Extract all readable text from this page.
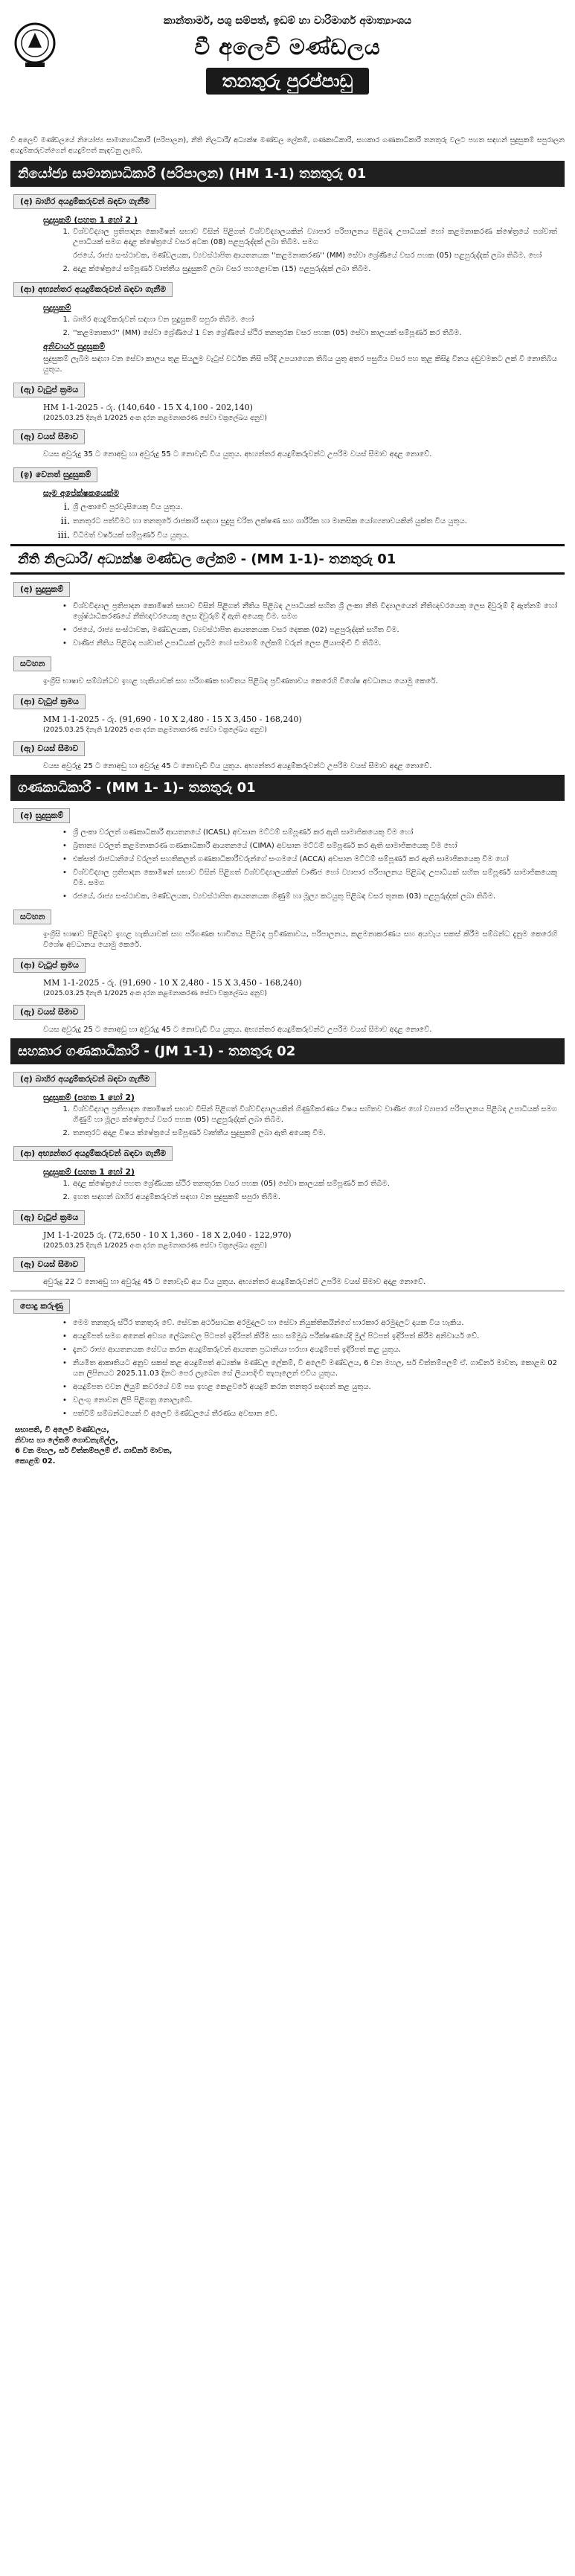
කාන්තාර්ම, පශු සම්පත්, ඉඩම් හා වාරිමාර්ග අමාත්‍යාංශය
වී අලෙවි මණ්ඩලය
තනතුරු පුරප්පාඩු
වී අලෙවි මණ්ඩලයේ නියෝජ්‍ය සාමාන්‍යාධිකාරී (පරිපාලන), නීති නිලධාරී/ අධ්‍යක්ෂ මණ්ඩල ලේකම්, ගණකාධිකාරී, සහකාර ගණකාධිකාරී තනතුරු වලට පහත සඳහන් සුදුසුකම් සපුරාලන අයදුම්කරුවන්ගෙන් අයදුම්පත් කැඳවනු ලැබේ.
නියෝජ්‍ය සාමාන්‍යාධිකාරී (පරිපාලන) (HM 1-1) තනතුරු 01
(අ) බාහිර අයදුම්කරුවන් බඳවා ගැනීම
සුදුසුකම් (පහත 1 හෝ 2 )
1. විශ්වවිද්‍යාල ප්‍රතිපාදන කොමිෂන් සභාව විසින් පිළිගත් විශ්වවිද්‍යාලයකින් ව්‍යාපාර පරිපාලනය පිළිබඳ උපාධියක් හෝ කළමනාකරණ ක්ෂේත්‍රයේ පශ්චාත් උපාධියක් සමග අදාළ ක්ෂේත්‍රයේ වසර අටක (08) පළපුරුද්දක් ලබා තිබීම. සමග
රජයේ, රාජ්‍ය සංස්ථාවක, මණ්ඩලයක, ව්‍යවස්ථාපිත ආයතනයක ''කළමනාකරණ'' (MM) සේවා ශ්‍රේණියේ වසර පහක (05) පළපුරුද්දක් ලබා තිබීම. හෝ
2. අදාළ ක්ෂේත්‍රයේ සම්පූර්ණ වෘත්තීය සුදුසුකම් ලබා වසර පහළොවක (15) පළපුරුද්දක් ලබා තිබීම.
(ආ) අභ්‍යන්තර අයදුම්කරුවන් බඳවා ගැනීම
සුදුසුකම්
1. බාහිර අයදුම්කරුවන් සඳහා වන සුදුසුකම් සපුරා තිබීම. හෝ
2. ''කළමනාකාර'' (MM) සේවා ශ්‍රේණියේ 1 වන ශ්‍රේණියේ ස්ථිර තනතුරක වසර පහක (05) සේවා කාලයක් සම්පූර්ණ කර තිබීම.
අනිවාර්ය සුදුසුකම්
සුදුසුකම් ලැබීම සඳහා වන සේවා කාලය තුළ සියලුම වැටුප් වර්ධක නිසි පරිදි උපයාගෙන තිබිය යුතු අතර පසුගිය වසර පහ තුළ කිසිදු විනය දඬුවමකට ලක් වී නොතිබිය යුතුය.
(ඇ) වැටුප් ක්‍රමය
HM 1-1-2025 - රු. (140,640 - 15 X 4,100 - 202,140)
(2025.03.25 දිනැති 1/2025 අංක දරන කළමනාකරණ සේවා චක්‍රලේඛය අනුව)
(ඈ) වයස් සීමාව
වයස අවුරුදු 35 ට නොඅඩු හා අවුරුදු 55 ට නොවැඩි විය යුතුය. අභ්‍යන්තර අයදුම්කරුවන්ට උපරිම වයස් සීමාව අදාළ නොවේ.
(ඉ) වෙනත් සුදුසුකම්
සෑම අපේක්ෂකයෙක්ම
i. ශ්‍රී ලංකාවේ පුරවැසියෙකු විය යුතුය.
ii. තනතුරට පත්වීමට හා තනතුරේ රාජකාරි සඳහා සුදුසු චරිත ලක්ෂණ සහ ශාරීරික හා මානසික යෝග්‍යතාවයකින් යුක්ත විය යුතුය.
iii. විධිමත් වර්ෂයක් සම්පූර්ණ විය යුතුය.
නීති නිලධාරී/ අධ්‍යක්ෂ මණ්ඩල ලේකම් - (MM 1-1)- තනතුරු 01
(අ) සුදුසුකම්
• විශ්වවිද්‍යාල ප්‍රතිපාදන කොමිෂන් සභාව විසින් පිළිගත් නීතිය පිළිබඳ උපාධියක් සහිත ශ්‍රී ලංකා නීති විද්‍යාලයෙන් නීතිඥවරයෙකු ලෙස දිවුරුම් දී ඇත්නම් හෝ ශ්‍රේෂ්ඨාධිකරණයේ නීතිඥවරයෙකු ලෙස දිවුරුම් දී ඇති අයෙකු වීම. සමග
• රජයේ, රාජ්‍ය සංස්ථාවක, මණ්ඩලයක, ව්‍යවස්ථාපිත ආයතනයක වසර දෙකක (02) පළපුරුද්දක් සහිත වීම.
• වාණිජ නීතිය පිළිබඳ පශ්චාත් උපාධියක් ලැබීම හෝ සමාගම් ලේකම් වරුන් ලෙස ලියාපදිංචි වී තිබීම.
සටහන
ඉංග්‍රීසි භාෂාව සම්බන්ධව ඉහළ හැකියාවක් සහ පරිගණක භාවිතය පිළිබඳ ප්‍රවීණතාවය කෙරෙහි විශේෂ අවධානය යොමු කෙරේ.
(ආ) වැටුප් ක්‍රමය
MM 1-1-2025 - රු. (91,690 - 10 X 2,480 - 15 X 3,450 - 168,240)
(2025.03.25 දිනැති 1/2025 අංක දරන කළමනාකරණ සේවා චක්‍රලේඛය අනුව)
(ඇ) වයස් සීමාව
වයස අවුරුදු 25 ට නොඅඩු හා අවුරුදු 45 ට නොවැඩි විය යුතුය. අභ්‍යන්තර අයදුම්කරුවන්ට උපරිම වයස් සීමාව අදාළ නොවේ.
ගණකාධිකාරී - (MM 1- 1)- තනතුරු 01
(අ) සුදුසුකම්
• ශ්‍රී ලංකා වරලත් ගණකාධිකාරී ආයතනයේ (ICASL) අවසාන මට්ටම් සම්පූර්ණ කර ඇති සාමාජිකයෙකු වීම හෝ
• බ්‍රිතාන්‍ය වරලත් කළමනාකරණ ගණකාධිකාරී ආයතනයේ (CIMA) අවසාන මට්ටම් සම්පූර්ණ කර ඇති සාමාජිකයෙකු වීම හෝ
• එක්සත් රාජධානියේ වරලත් සහතිකලත් ගණකාධිකාරීවරුන්ගේ සංගමයේ (ACCA) අවසාන මට්ටම් සම්පූර්ණ කර ඇති සාමාජිකයෙකු වීම හෝ
• විශ්වවිද්‍යාල ප්‍රතිපාදන කොමිෂන් සභාව විසින් පිළිගත් විශ්වවිද්‍යාලයකින් වාණිජ හෝ ව්‍යාපාර පරිපාලනය පිළිබඳ උපාධියක් සහිත සම්පූර්ණ සාමාජිකයෙකු වීම. සමග
• රජයේ, රාජ්‍ය සංස්ථාවක, මණ්ඩලයක, ව්‍යවස්ථාපිත ආයතනයක ගිණුම් හා මූල්‍ය කටයුතු පිළිබඳ වසර තුනක (03) පළපුරුද්දක් ලබා තිබීම.
සටහන
ඉංග්‍රීසි භාෂාව පිළිබඳව ඉහළ හැකියාවක් සහ පරිගණක භාවිතය පිළිබඳ ප්‍රවීණතාවය, පරිපාලනය, කළමනාකරණය සහ අයවැය සකස් කිරීම සම්බන්ධ දැනුම කෙරෙහි විශේෂ අවධානය යොමු කෙරේ.
(ආ) වැටුප් ක්‍රමය
MM 1-1-2025 - රු. (91,690 - 10 X 2,480 - 15 X 3,450 - 168,240)
(2025.03.25 දිනැති 1/2025 අංක දරන කළමනාකරණ සේවා චක්‍රලේඛය අනුව)
(ඇ) වයස් සීමාව
වයස අවුරුදු 25 ට නොඅඩු හා අවුරුදු 45 ට නොවැඩි විය යුතුය. අභ්‍යන්තර අයදුම්කරුවන්ට උපරිම වයස් සීමාව අදාළ නොවේ.
සහකාර ගණකාධිකාරී - (JM 1-1) - තනතුරු 02
(අ) බාහිර අයදුම්කරුවන් බඳවා ගැනීම
සුදුසුකම් (පහත 1 හෝ 2)
1. විශ්වවිද්‍යාල ප්‍රතිපාදන කොමිෂන් සභාව විසින් පිළිගත් විශ්වවිද්‍යාලයකින් ගිණුම්කරණය විෂය සහිතව වාණිජ හෝ ව්‍යාපාර පරිපාලනය පිළිබඳ උපාධියක් සමග ගිණුම් හා මූල්‍ය ක්ෂේත්‍රයේ වසර පහක (05) පළපුරුද්දක් ලබා තිබීම.
2. තනතුරට අදාළ විෂය ක්ෂේත්‍රයේ සම්පූර්ණ වෘත්තීය සුදුසුකම් ලබා ඇති අයෙකු වීම.
(ආ) අභ්‍යන්තර අයදුම්කරුවන් බඳවා ගැනීම
සුදුසුකම් (පහත 1 හෝ 2)
1. අදාළ ක්ෂේත්‍රයේ පහත ශ්‍රේණියක ස්ථිර තනතුරක වසර පහක (05) සේවා කාලයක් සම්පූර්ණ කර තිබීම.
2. ඉහත සඳහන් බාහිර අයදුම්කරුවන් සඳහා වන සුදුසුකම් සපුරා තිබීම.
(ඇ) වැටුප් ක්‍රමය
JM 1-1-2025 රු. (72,650 - 10 X 1,360 - 18 X 2,040 - 122,970)
(2025.03.25 දිනැති 1/2025 අංක දරන කළමනාකරණ සේවා චක්‍රලේඛය අනුව)
(ඈ) වයස් සීමාව
අවුරුදු 22 ට නොඅඩු හා අවුරුදු 45 ට නොවැඩි අය විය යුතුය. අභ්‍යන්තර අයදුම්කරුවන්ට උපරිම වයස් සීමාව අදාළ නොවේ.
පොදු කරුණු
• මෙම තනතුරු ස්ථිර තනතුරු වේ. සේවක අර්ථසාධක අරමුදලට හා සේවා නියුක්තිකයින්ගේ භාරකාර අරමුදලට දායක විය හැකිය.
• අයදුම්පත් සමග අනෙක් අවශ්‍ය ලේඛනවල පිටපත් ඉදිරිපත් කිරීම සහ සම්මුඛ පරීක්ෂණයේදී මුල් පිටපත් ඉදිරිපත් කිරීම අනිවාර්ය වේ.
• දැනට රාජ්‍ය ආයතනයක සේවය කරන අයදුම්කරුවන් ආයතන ප්‍රධානියා හරහා අයදුම්පත් ඉදිරිපත් කළ යුතුය.
• නියමිත ආකෘතියට අනුව සකස් කළ අයදුම්පත් අධ්‍යක්ෂ මණ්ඩල ලේකම්, වී අලෙවි මණ්ඩලය, 6 වන මහල, සර් චිත්තම්පලම් ඒ. ගාඩිනර් මාවත, කොළඹ 02 යන ලිපිනයට 2025.11.03 දිනට පෙර ලැබෙන සේ ලියාපදිංචි තැපෑලෙන් එවිය යුතුය.
• අයදුම්පත එවන ලියුම් කවරයේ වම් පස ඉහළ කෙළවරේ අයදුම් කරන තනතුර සඳහන් කළ යුතුය.
• වලංගු නොවන ලිපි පිළිගනු නොලැබේ.
• පත්වීම් සම්බන්ධයෙන් වී අලෙවි මණ්ඩලයේ තීරණය අවසාන වේ.
සභාපති, වී අලෙවි මණ්ඩලය,
නිවාස හා ලේකම් ගොඩනැගිල්ල,
6 වන මහල, සර් චිත්තම්පලම් ඒ. ගාඩිනර් මාවත,
කොළඹ 02.
